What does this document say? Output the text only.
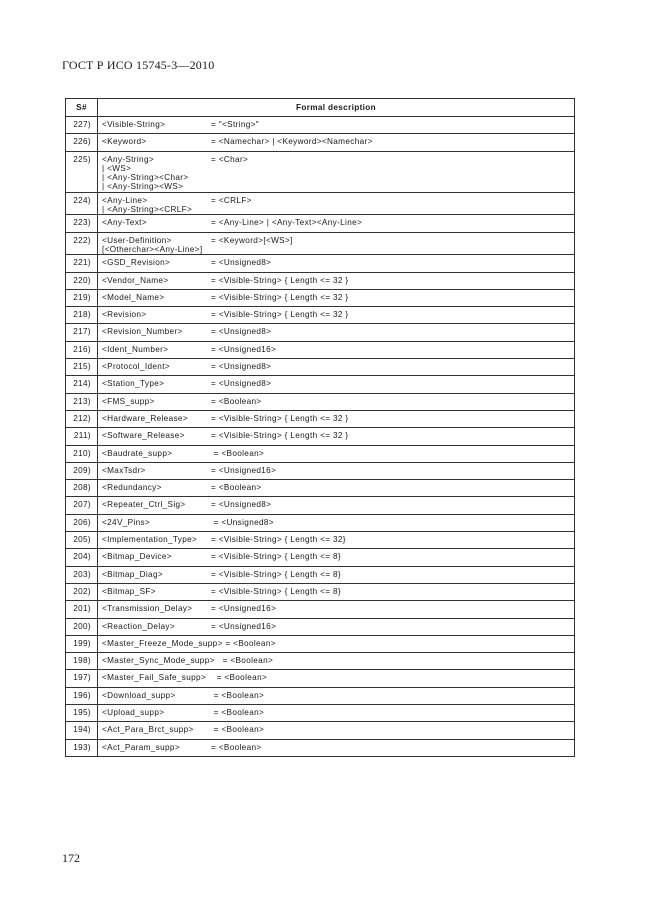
ГОСТ Р ИСО 15745-3—2010
S#	Formal description
227)	<Visible-String> = "<String>"

226)	<Keyword> = <Namechar> | <Keyword><Namechar>

225)	<Any-String> = <Char>
| <WS>
| <Any-String><Char>
| <Any-String><WS>

224)	<Any-Line> = <CRLF>
| <Any-String><CRLF>

223)	<Any-Text> = <Any-Line> | <Any-Text><Any-Line>

222)	<User-Definition> = <Keyword>[<WS>]
[<Otherchar><Any-Line>]

221)	<GSD_Revision> = <Unsigned8>

220)	<Vendor_Name> = <Visible-String> { Length <= 32 }

219)	<Model_Name> = <Visible-String> { Length <= 32 }

218)	<Revision> = <Visible-String> { Length <= 32 }

217)	<Revision_Number> = <Unsigned8>

216)	<Ident_Number> = <Unsigned16>

215)	<Protocol_Ident> = <Unsigned8>

214)	<Station_Type> = <Unsigned8>

213)	<FMS_supp> = <Boolean>

212)	<Hardware_Release> = <Visible-String> { Length <= 32 }

211)	<Software_Release> = <Visible-String> { Length <= 32 }

210)	<Baudrate_supp> = <Boolean>

209)	<MaxTsdr> = <Unsigned16>

208)	<Redundancy> = <Boolean>

207)	<Repeater_Ctrl_Sig> = <Unsigned8>

206)	<24V_Pins> = <Unsigned8>

205)	<Implementation_Type> = <Visible-String> { Length <= 32}

204)	<Bitmap_Device> = <Visible-String> { Length <= 8}

203)	<Bitmap_Diag> = <Visible-String> { Length <= 8}

202)	<Bitmap_SF> = <Visible-String> { Length <= 8}

201)	<Transmission_Delay> = <Unsigned16>

200)	<Reaction_Delay> = <Unsigned16>

199)	<Master_Freeze_Mode_supp> = <Boolean>

198)	<Master_Sync_Mode_supp>   = <Boolean>

197)	<Master_Fail_Safe_supp>    = <Boolean>

196)	<Download_supp> = <Boolean>

195)	<Upload_supp> = <Boolean>

194)	<Act_Para_Brct_supp> = <Boolean>

193)	<Act_Param_supp> = <Boolean>
172
